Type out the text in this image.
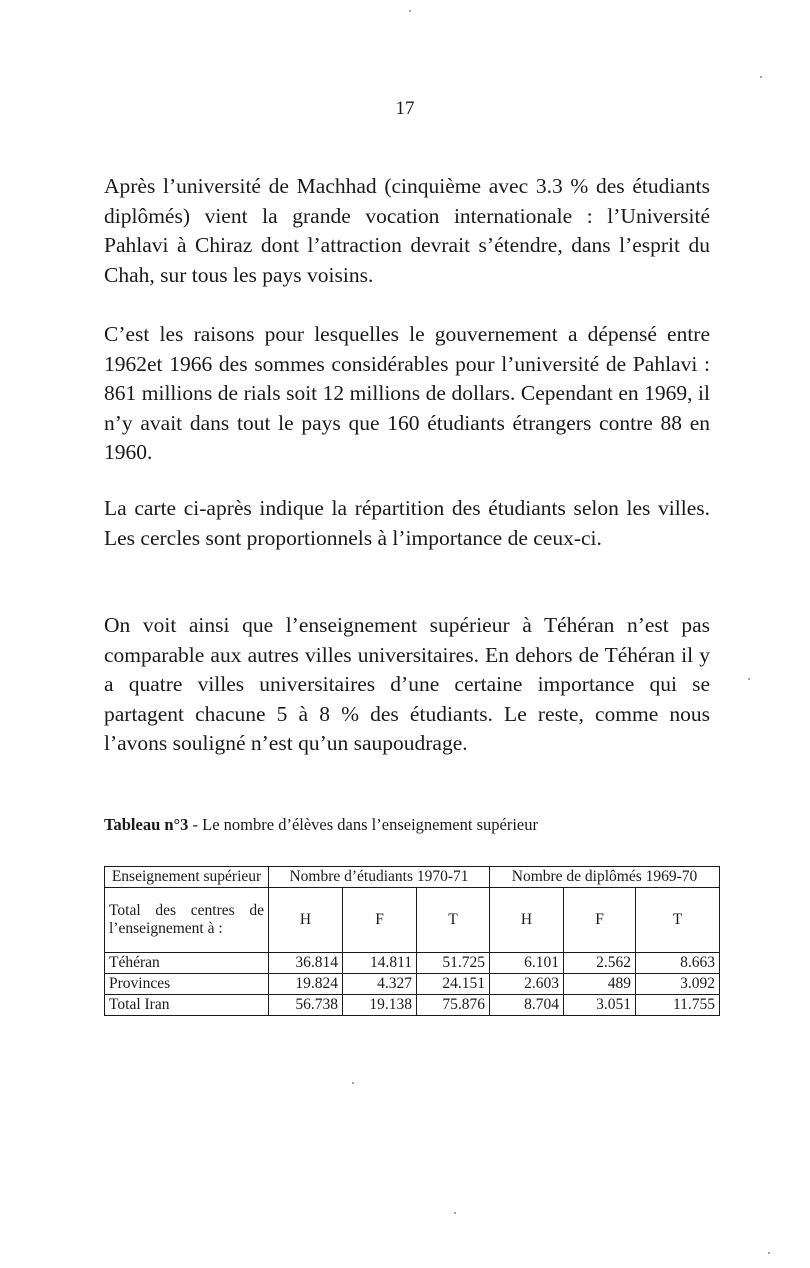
17

Après l’université de Machhad (cinquième avec 3.3 % des étudiants diplômés) vient la grande vocation internationale : l’Université Pahlavi à Chiraz dont l’attraction devrait s’étendre, dans l’esprit du Chah, sur tous les pays voisins.

C’est les raisons pour lesquelles le gouvernement a dépensé entre 1962et 1966 des sommes considérables pour l’université de Pahlavi : 861 millions de rials soit 12 millions de dollars. Cependant en 1969, il n’y avait dans tout le pays que 160 étudiants étrangers contre 88 en 1960.

La carte ci-après indique la répartition des étudiants selon les villes. Les cercles sont proportionnels à l’importance de ceux-ci.

On voit ainsi que l’enseignement supérieur à Téhéran n’est pas comparable aux autres villes universitaires. En dehors de Téhéran il y a quatre villes universitaires d’une certaine importance qui se partagent chacune 5 à 8 % des étudiants. Le reste, comme nous l’avons souligné n’est qu’un saupoudrage.

Tableau n°3 - Le nombre d’élèves dans l’enseignement supérieur

Enseignement supérieur	Nombre d’étudiants 1970-71			Nombre de diplômés 1969-70		
Total des centres de l’enseignement à :	H	F	T	H	F	T
Téhéran	36.814	14.811	51.725	6.101	2.562	8.663
Provinces	19.824	4.327	24.151	2.603	489	3.092
Total Iran	56.738	19.138	75.876	8.704	3.051	11.755
